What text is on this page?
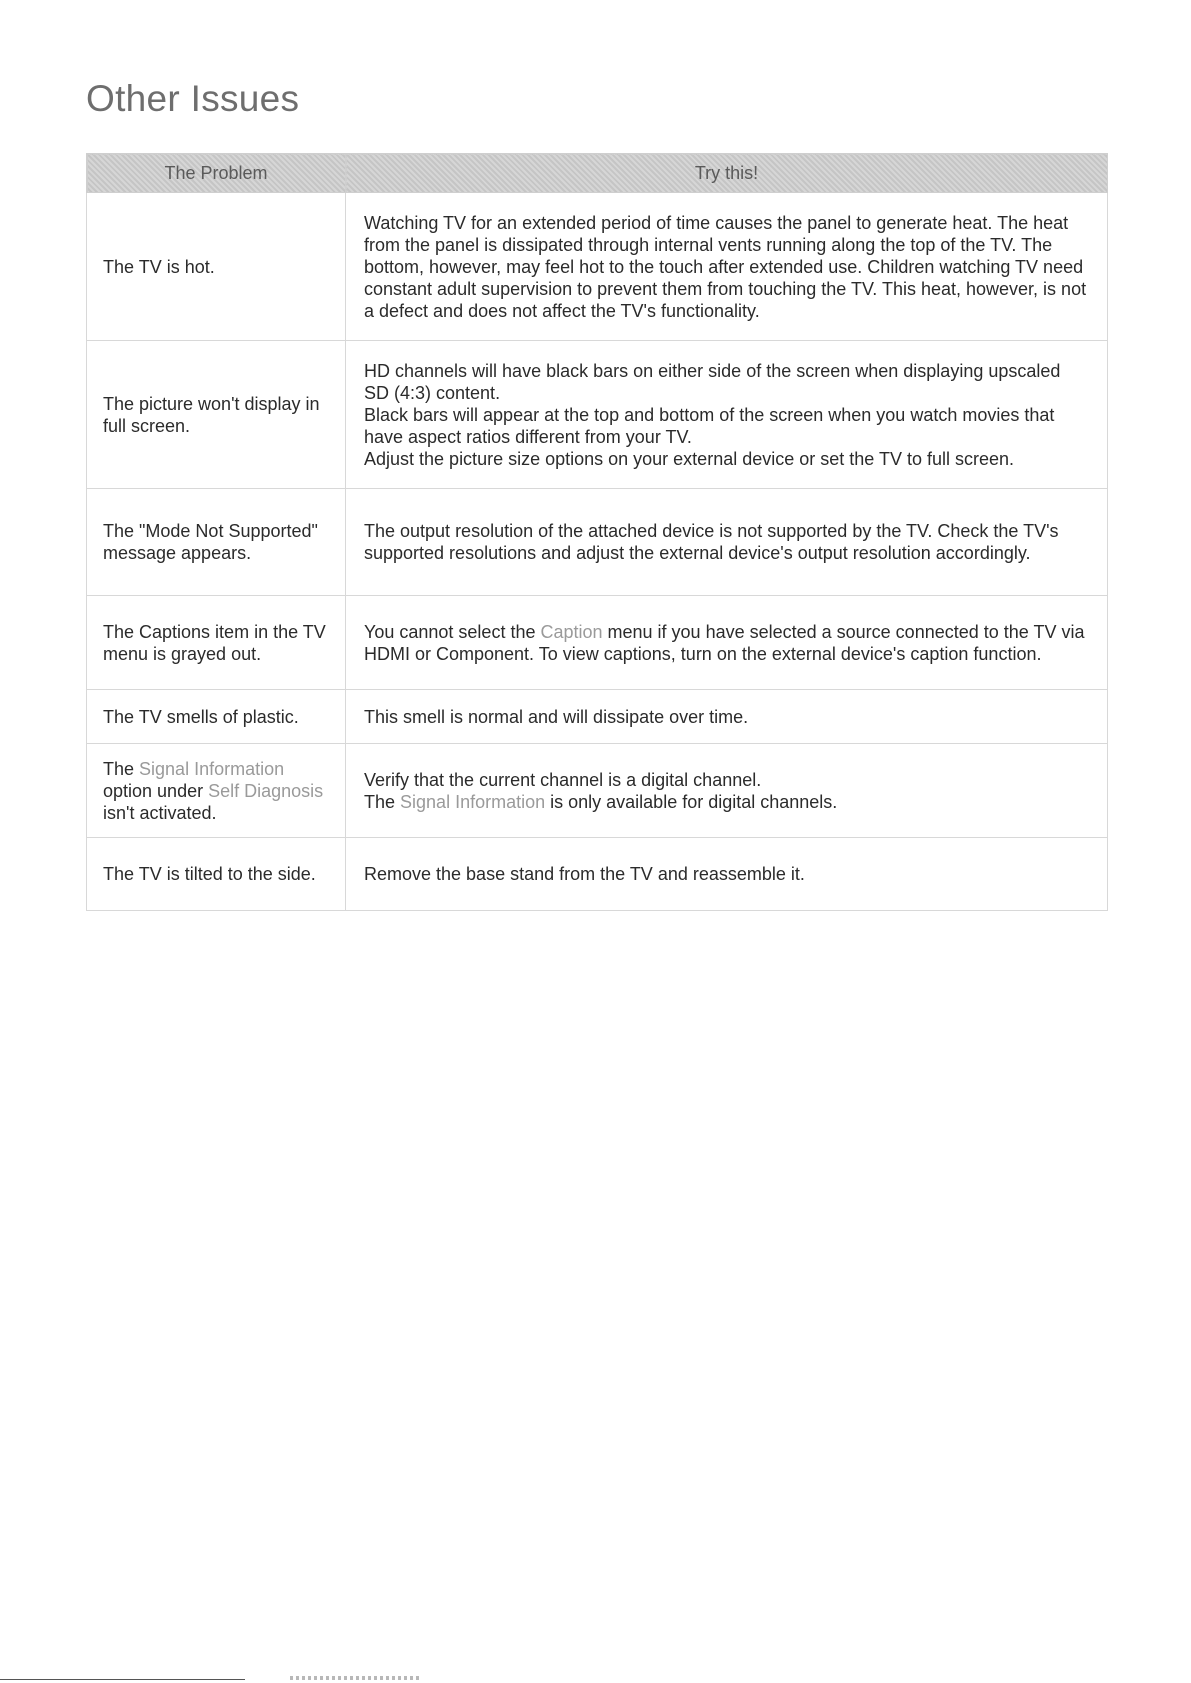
Other Issues
The Problem	Try this!
The TV is hot.	Watching TV for an extended period of time causes the panel to generate heat. The heat from the panel is dissipated through internal vents running along the top of the TV. The bottom, however, may feel hot to the touch after extended use. Children watching TV need constant adult supervision to prevent them from touching the TV. This heat, however, is not a defect and does not affect the TV's functionality.
The picture won't display in full screen.	HD channels will have black bars on either side of the screen when displaying upscaled SD (4:3) content.
Black bars will appear at the top and bottom of the screen when you watch movies that have aspect ratios different from your TV.
Adjust the picture size options on your external device or set the TV to full screen.

The "Mode Not Supported" message appears.	The output resolution of the attached device is not supported by the TV. Check the TV's supported resolutions and adjust the external device's output resolution accordingly.
The Captions item in the TV menu is grayed out.	You cannot select the Caption menu if you have selected a source connected to the TV via HDMI or Component. To view captions, turn on the external device's caption function.
The TV smells of plastic.	This smell is normal and will dissipate over time.
The Signal Information option under Self Diagnosis isn't activated.	Verify that the current channel is a digital channel.
The Signal Information is only available for digital channels.

The TV is tilted to the side.	Remove the base stand from the TV and reassemble it.
